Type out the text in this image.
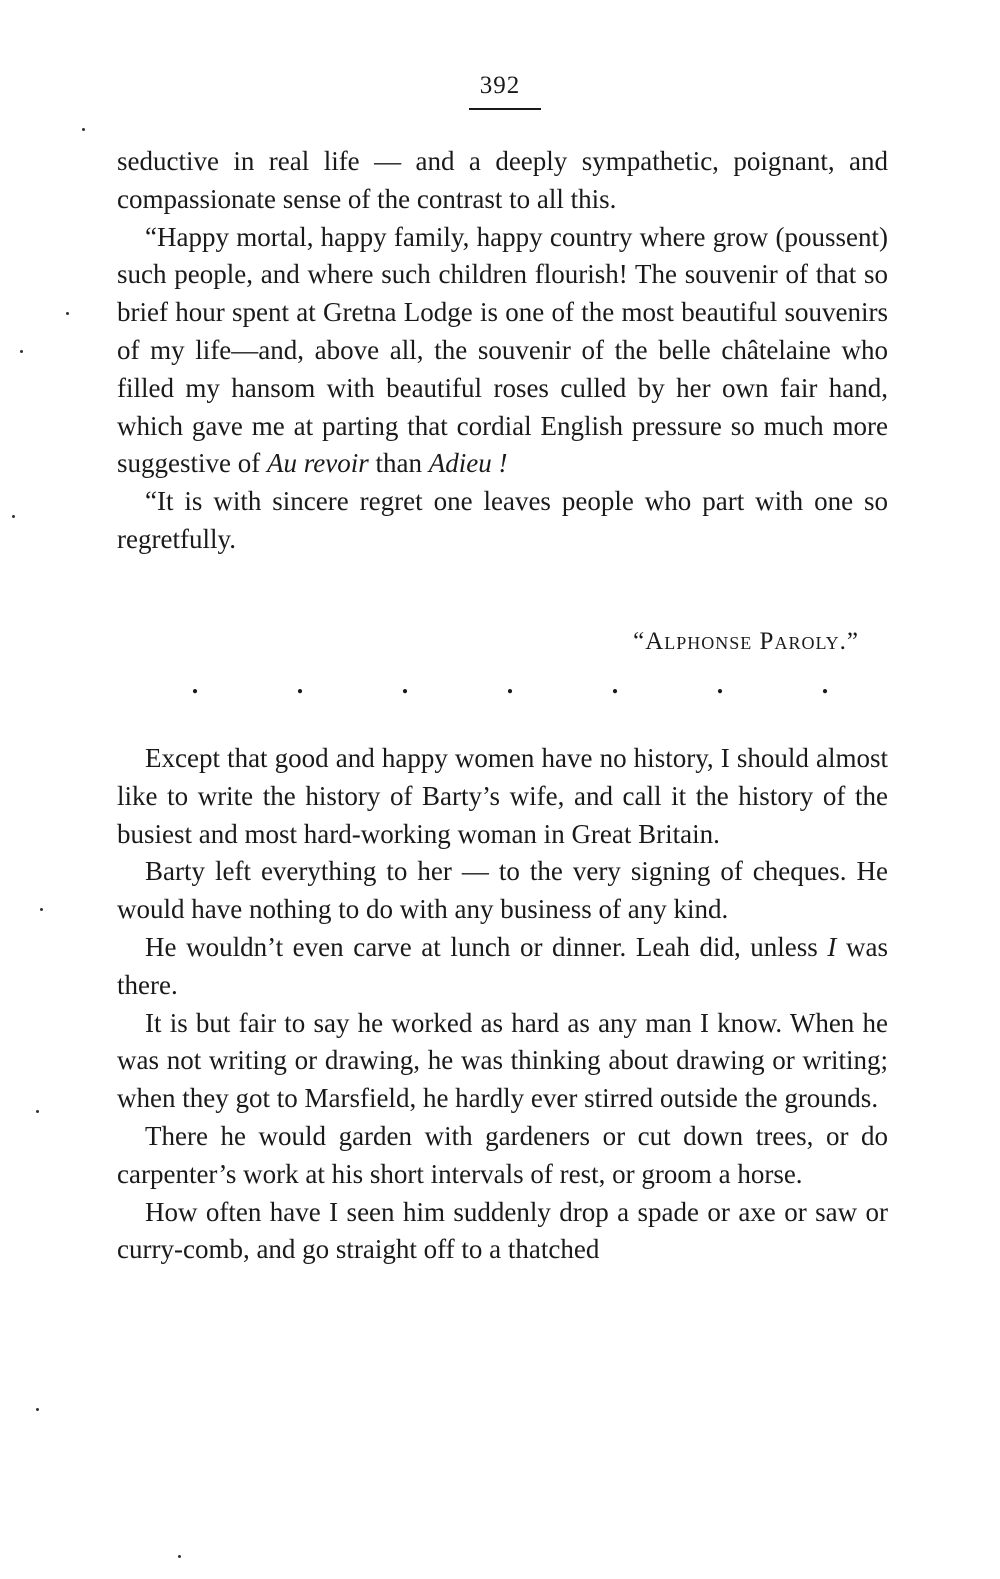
392

seductive in real life — and a deeply sympathetic, poignant, and compassionate sense of the contrast to all this.

“Happy mortal, happy family, happy country where grow (poussent) such people, and where such children flourish! The souvenir of that so brief hour spent at Gretna Lodge is one of the most beautiful souvenirs of my life—and, above all, the souvenir of the belle châtelaine who filled my hansom with beautiful roses culled by her own fair hand, which gave me at parting that cordial English pressure so much more suggestive of Au revoir than Adieu !

“It is with sincere regret one leaves people who part with one so regretfully.

“Alphonse Paroly.”
.	.	.	.	.	.	.

Except that good and happy women have no history, I should almost like to write the history of Barty’s wife, and call it the history of the busiest and most hard-working woman in Great Britain.

Barty left everything to her — to the very signing of cheques. He would have nothing to do with any business of any kind.

He wouldn’t even carve at lunch or dinner. Leah did, unless I was there.

It is but fair to say he worked as hard as any man I know. When he was not writing or drawing, he was thinking about drawing or writing; when they got to Marsfield, he hardly ever stirred outside the grounds.

There he would garden with gardeners or cut down trees, or do carpenter’s work at his short intervals of rest, or groom a horse.

How often have I seen him suddenly drop a spade or axe or saw or curry-comb, and go straight off to a thatched
